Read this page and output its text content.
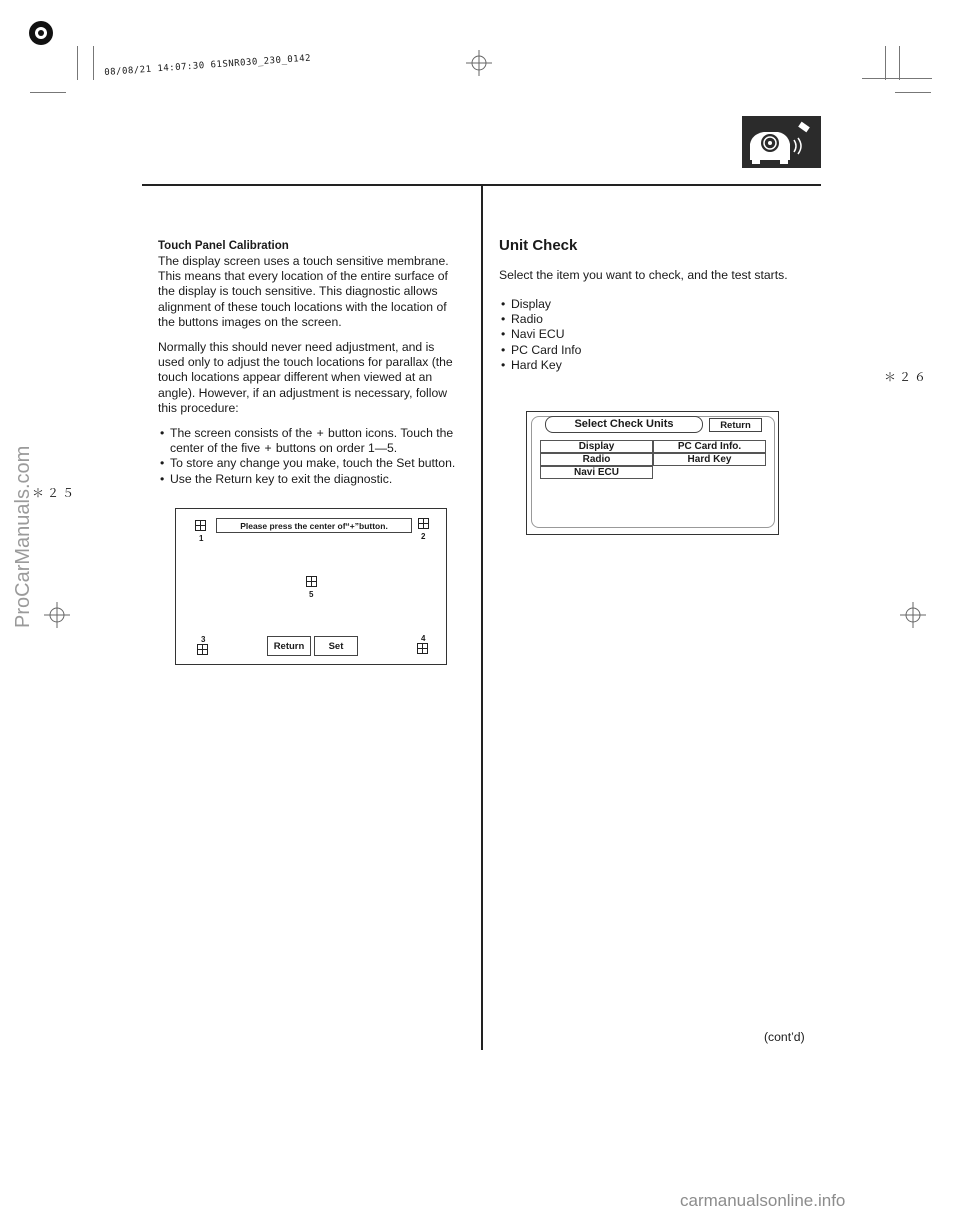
08/08/21 14:07:30 61SNR030_230_0142
Touch Panel Calibration
The display screen uses a touch sensitive membrane. This means that every location of the entire surface of the display is touch sensitive. This diagnostic allows alignment of these touch locations with the location of the buttons images on the screen.
Normally this should never need adjustment, and is used only to adjust the touch locations for parallax (the touch locations appear different when viewed at an angle). However, if an adjustment is necessary, follow this procedure:
• The screen consists of the + button icons. Touch the
center of the five + buttons on order 1—5.
• To store any change you make, touch the Set button.
• Use the Return key to exit the diagnostic.
1
Please press the center of“ + ”button.
2
5
3
Return	Set
4
Unit Check
Select the item you want to check, and the test starts.
• Display
• Radio
• Navi ECU
• PC Card Info
• Hard Key
Select Check Units	Return
Display	PC Card Info.
Radio	Hard Key
Navi ECU
(cont’d)
＊２５
＊２６
ProCarManuals.com
carmanualsonline.info
